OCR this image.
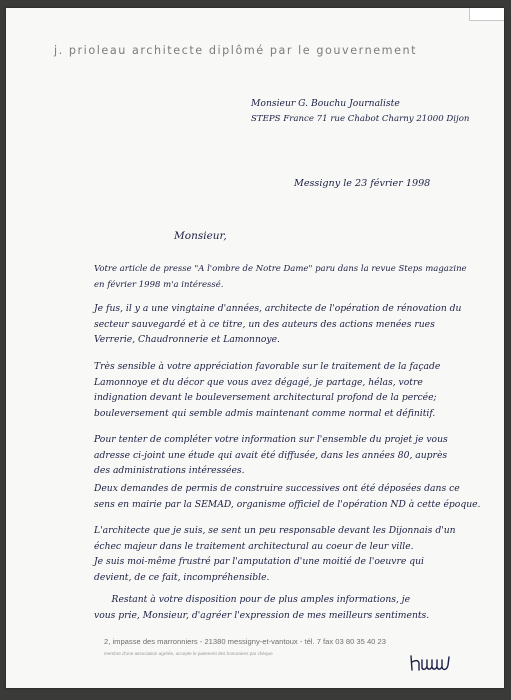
j. prioleau architecte diplômé par le gouvernement
Monsieur G. Bouchu Journaliste
STEPS France 71 rue Chabot Charny 21000 Dijon
Messigny le 23 février 1998
Monsieur,
Votre article de presse "A l'ombre de Notre Dame" paru dans la revue Steps magazine
en février 1998 m'a intéressé.
Je fus, il y a une vingtaine d'années, architecte de l'opération de rénovation du
secteur sauvegardé et à ce titre, un des auteurs des actions menées rues
Verrerie, Chaudronnerie et Lamonnoye.
Très sensible à votre appréciation favorable sur le traitement de la façade
Lamonnoye et du décor que vous avez dégagé, je partage, hélas, votre
indignation devant le bouleversement architectural profond de la percée;
bouleversement qui semble admis maintenant comme normal et définitif.
Pour tenter de compléter votre information sur l'ensemble du projet je vous
adresse ci-joint une étude qui avait été diffusée, dans les années 80, auprès
des administrations intéressées.
Deux demandes de permis de construire successives ont été déposées dans ce
sens en mairie par la SEMAD, organisme officiel de l'opération ND à cette époque.
L'architecte que je suis, se sent un peu responsable devant les Dijonnais d'un
échec majeur dans le traitement architectural au coeur de leur ville.
Je suis moi-même frustré par l'amputation d'une moitié de l'oeuvre qui
devient, de ce fait, incompréhensible.
Restant à votre disposition pour de plus amples informations, je
vous prie, Monsieur, d'agréer l'expression de mes meilleurs sentiments.
2, impasse des marronniers - 21380 messigny-et-vantoux - tél. 7 fax 03 80 35 40 23
membre d'une association agréée, accepte le paiement des honoraires par chèque
